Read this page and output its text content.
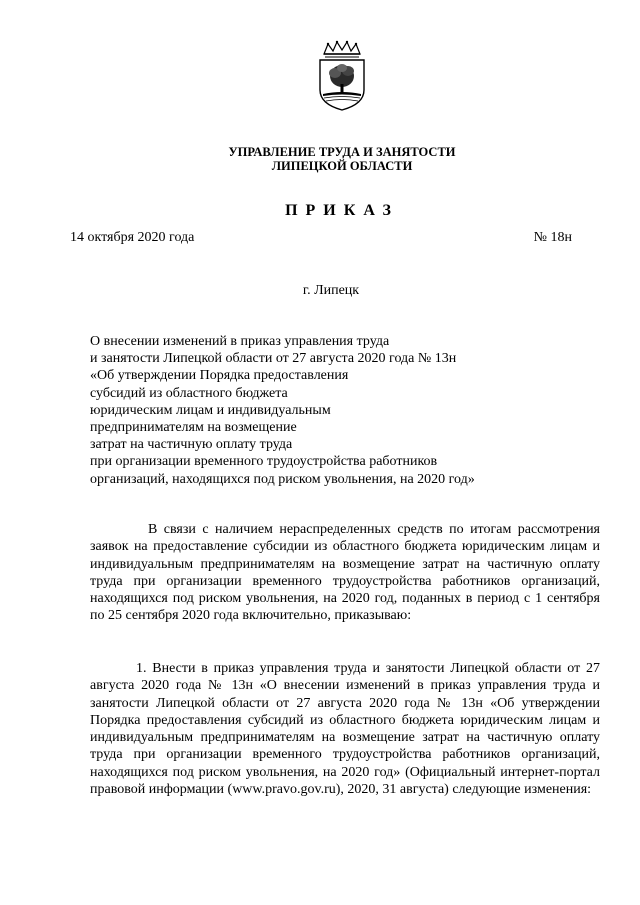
УПРАВЛЕНИЕ ТРУДА И ЗАНЯТОСТИ
ЛИПЕЦКОЙ ОБЛАСТИ
ПРИКАЗ
14 октября 2020 года	№ 18н
г. Липецк
О внесении изменений в приказ управления труда
и занятости Липецкой области от 27 августа 2020 года № 13н
«Об утверждении Порядка предоставления
субсидий из областного бюджета
юридическим лицам и индивидуальным
предпринимателям на возмещение
затрат на частичную оплату труда
при организации временного трудоустройства работников
организаций, находящихся под риском увольнения, на 2020 год»
В связи с наличием нераспределенных средств по итогам рассмотрения заявок на предоставление субсидии из областного бюджета юридическим лицам и индивидуальным предпринимателям на возмещение затрат на частичную оплату труда при организации временного трудоустройства работников организаций, находящихся под риском увольнения, на 2020 год, поданных в период с 1 сентября по 25 сентября 2020 года включительно, приказываю:
1. Внести в приказ управления труда и занятости Липецкой области от 27 августа 2020 года № 13н «О внесении изменений в приказ управления труда и занятости Липецкой области от 27 августа 2020 года № 13н «Об утверждении Порядка предоставления субсидий из областного бюджета юридическим лицам и индивидуальным предпринимателям на возмещение затрат на частичную оплату труда при организации временного трудоустройства работников организаций, находящихся под риском увольнения, на 2020 год» (Официальный интернет-портал правовой информации (www.pravo.gov.ru), 2020, 31 августа) следующие изменения:
